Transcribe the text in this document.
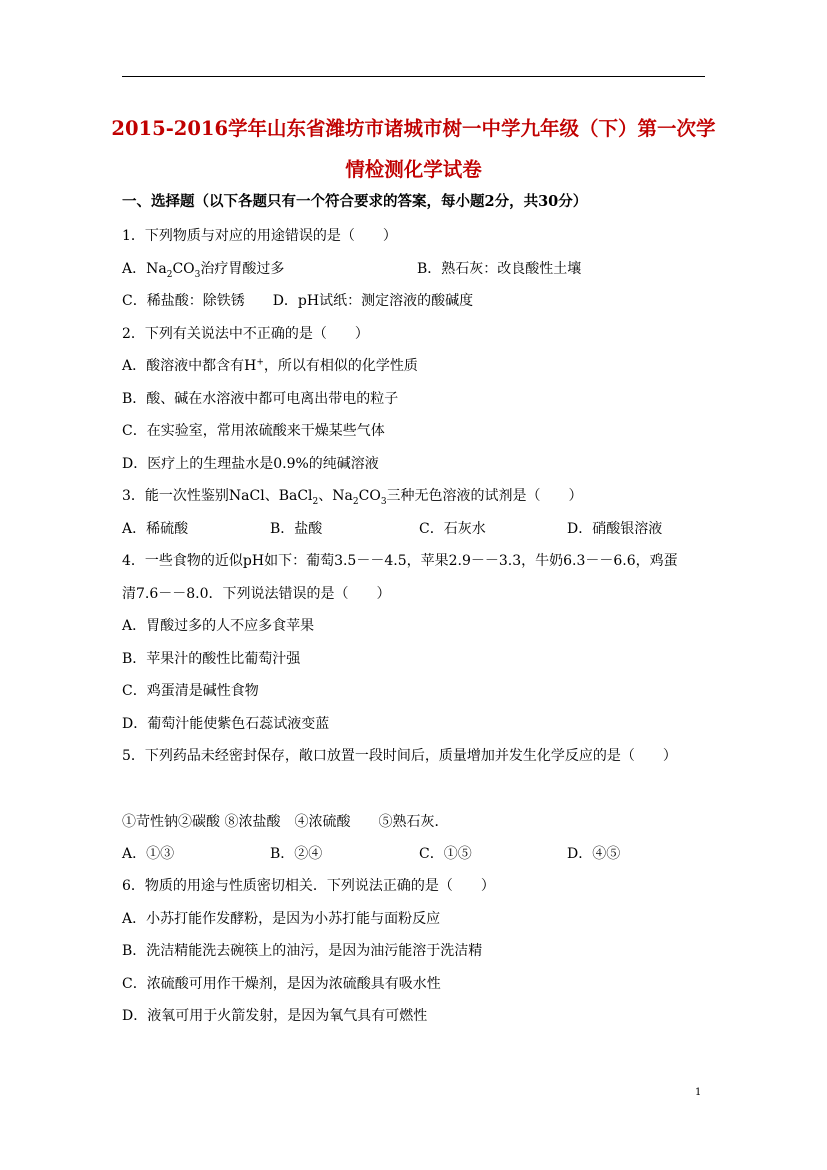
2015-2016学年山东省潍坊市诸城市树一中学九年级（下）第一次学
情检测化学试卷
一、选择题（以下各题只有一个符合要求的答案，每小题2分，共30分）
1．下列物质与对应的用途错误的是（　　）
A．$Na_2CO_3$治疗胃酸过多	B．熟石灰：改良酸性土壤
C．稀盐酸：除铁锈　　D．pH试纸：测定溶液的酸碱度
2．下列有关说法中不正确的是（　　）
A．酸溶液中都含有H+，所以有相似的化学性质
B．酸、碱在水溶液中都可电离出带电的粒子
C．在实验室，常用浓硫酸来干燥某些气体
D．医疗上的生理盐水是0.9%的纯碱溶液
3．能一次性鉴别NaCl、BaCl$_2$、$Na_2CO_3$三种无色溶液的试剂是（　　）
A．稀硫酸	B．盐酸	C．石灰水	D．硝酸银溶液
4．一些食物的近似pH如下：葡萄3.5－－4.5，苹果2.9－－3.3，牛奶6.3－－6.6，鸡蛋
清7.6－－8.0．下列说法错误的是（　　）
A．胃酸过多的人不应多食苹果
B．苹果汁的酸性比葡萄汁强
C．鸡蛋清是碱性食物
D．葡萄汁能使紫色石蕊试液变蓝
5．下列药品未经密封保存，敞口放置一段时间后，质量增加并发生化学反应的是（　　）
①苛性钠②碳酸 ⑧浓盐酸　④浓硫酸　　⑤熟石灰．
A．①③	B．②④	C．①⑤	D．④⑤
6．物质的用途与性质密切相关．下列说法正确的是（　　）
A．小苏打能作发酵粉，是因为小苏打能与面粉反应
B．洗洁精能洗去碗筷上的油污，是因为油污能溶于洗洁精
C．浓硫酸可用作干燥剂，是因为浓硫酸具有吸水性
D．液氧可用于火箭发射，是因为氧气具有可燃性
1
